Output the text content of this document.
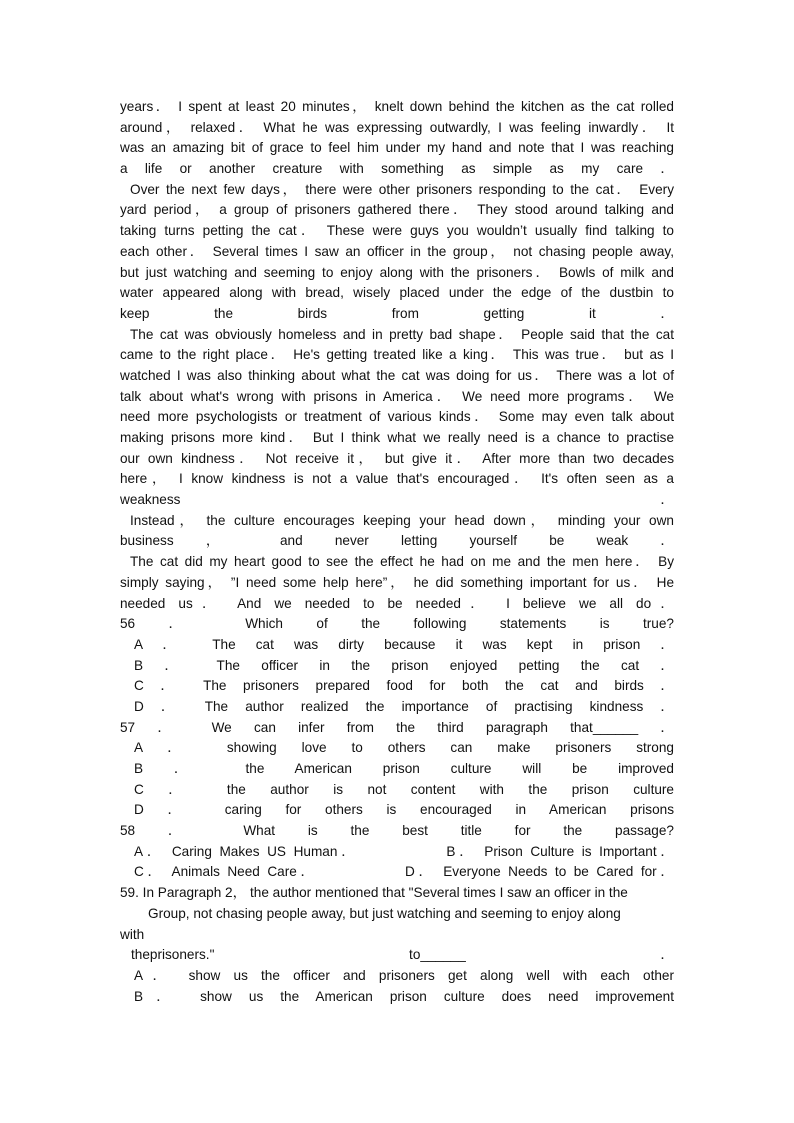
years． I spent at least 20 minutes， knelt down behind the kitchen as the cat rolled
around， relaxed． What he was expressing outwardly, I was feeling inwardly． It
was an amazing bit of grace to feel him under my hand and note that I was reaching
a life or another creature with something as simple as my care ．
Over the next few days， there were other prisoners responding to the cat． Every
yard period， a group of prisoners gathered there． They stood around talking and
taking turns petting the cat． These were guys you wouldn’t usually find talking to
each other． Several times I saw an officer in the group， not chasing people away,
but just watching and seeming to enjoy along with the prisoners． Bowls of milk and
water appeared along with bread, wisely placed under the edge of the dustbin to
keep the birds from getting it ．
The cat was obviously homeless and in pretty bad shape． People said that the cat
came to the right place． He's getting treated like a king． This was true． but as I
watched I was also thinking about what the cat was doing for us． There was a lot of
talk about what's wrong with prisons in America． We need more programs． We
need more psychologists or treatment of various kinds． Some may even talk about
making prisons more kind． But I think what we really need is a chance to practise
our own kindness． Not receive it， but give it． After more than two decades
here， I know kindness is not a value that's encouraged． It's often seen as a
weakness ．
Instead， the culture encourages keeping your head down， minding your own
business ， and never letting yourself be weak ．
The cat did my heart good to see the effect he had on me and the men here． By
simply saying， ”I need some help here”， he did something important for us． He
needed us． And we needed to be needed． I believe we all do．
56 ． Which of the following statements is true?
A ． The cat was dirty because it was kept in prison ．
B ． The officer in the prison enjoyed petting the cat ．
C ． The prisoners prepared food for both the cat and birds ．
D ． The author realized the importance of practising kindness ．
57 ． We can infer from the third paragraph that______ ．
A ． showing love to others can make prisoners strong
B ． the American prison culture will be improved
C ． the author is not content with the prison culture
D ． caring for others is encouraged in American prisons
58 ． What is the best title for the passage?
A． Caring Makes US Human．　　　　　 B． Prison Culture is Important．
C． Animals Need Care．　　　　　 D． Everyone Needs to be Cared for．
59. In Paragraph 2， the author mentioned that "Several times I saw an officer in the
Group, not chasing people away, but just watching and seeming to enjoy along
with
theprisoners." to______ ．
A． show us the officer and prisoners get along well with each other
B． show us the American prison culture does need improvement
